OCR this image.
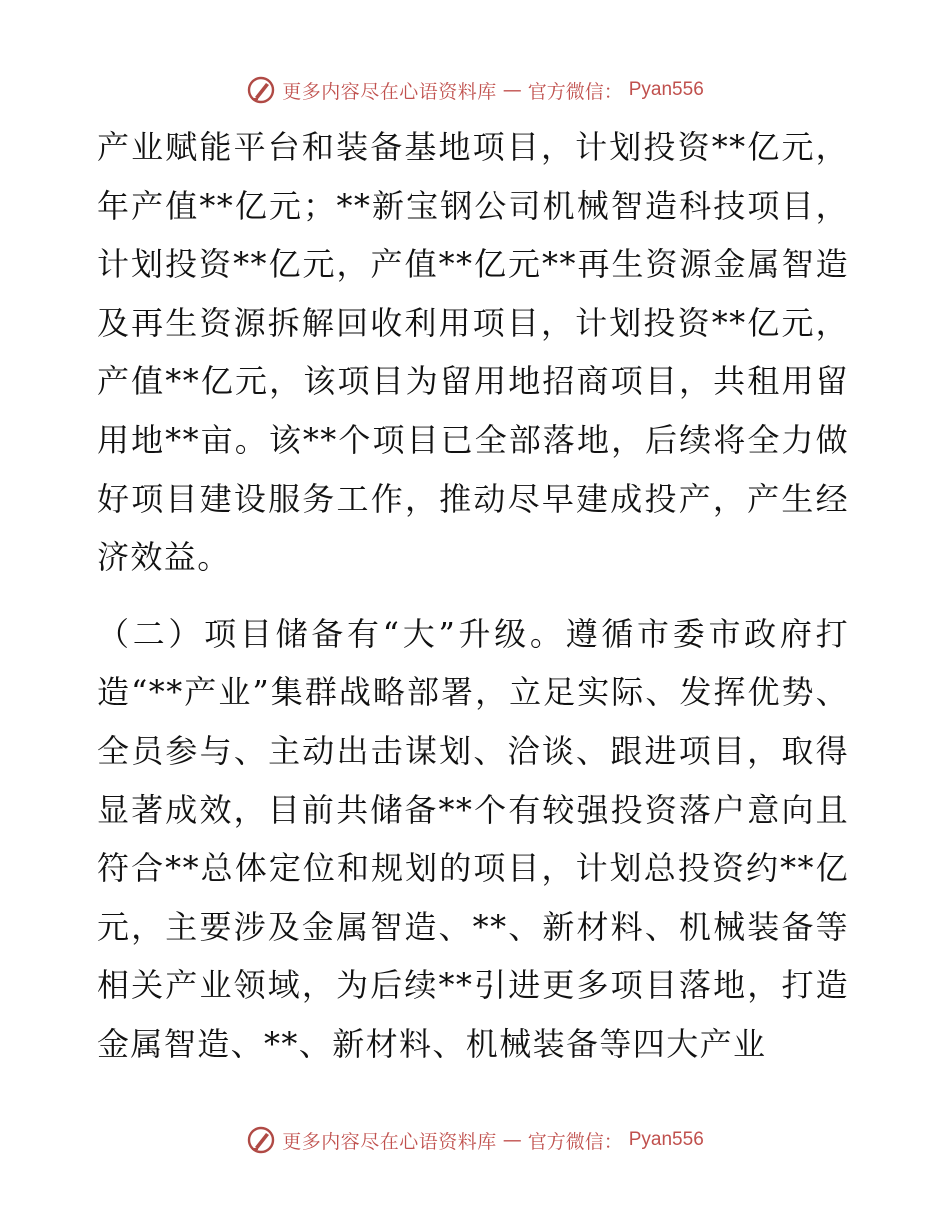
更多内容尽在心语资料库 — 官方微信： Pyan556

产业赋能平台和装备基地项目，计划投资**亿元，年产值**亿元；**新宝钢公司机械智造科技项目，计划投资**亿元，产值**亿元**再生资源金属智造及再生资源拆解回收利用项目，计划投资**亿元，产值**亿元，该项目为留用地招商项目，共租用留用地**亩。该**个项目已全部落地，后续将全力做好项目建设服务工作，推动尽早建成投产，产生经济效益。

（二）项目储备有“大”升级。遵循市委市政府打造“**产业”集群战略部署，立足实际、发挥优势、全员参与、主动出击谋划、洽谈、跟进项目，取得显著成效，目前共储备**个有较强投资落户意向且符合**总体定位和规划的项目，计划总投资约**亿元，主要涉及金属智造、**、新材料、机械装备等相关产业领域，为后续**引进更多项目落地，打造金属智造、**、新材料、机械装备等四大产业

更多内容尽在心语资料库 — 官方微信： Pyan556
